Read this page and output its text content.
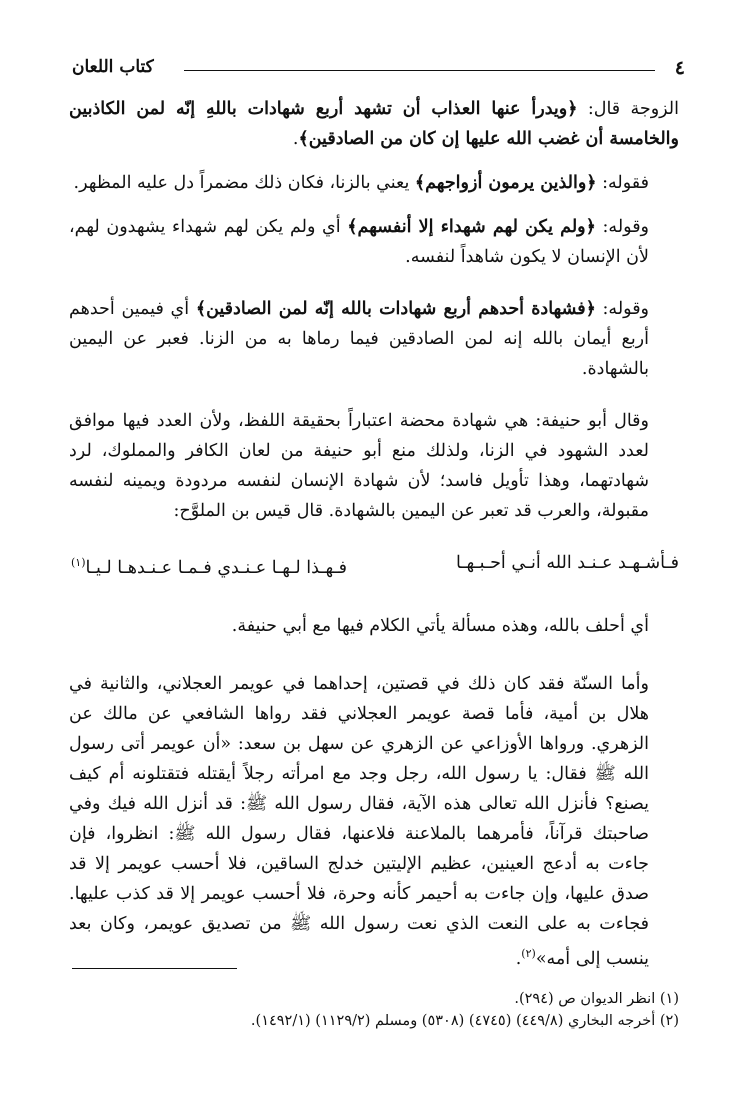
٤
كتاب اللعان

الزوجة قال: ﴿ويدرأ عنها العذاب أن تشهد أربع شهادات باللهِ إنّه لمن الكاذبين والخامسة أن غضب الله عليها إن كان من الصادقين﴾.

فقوله: ﴿والذين يرمون أزواجهم﴾ يعني بالزنا، فكان ذلك مضمراً دل عليه المظهر.

وقوله: ﴿ولم يكن لهم شهداء إلا أنفسهم﴾ أي ولم يكن لهم شهداء يشهدون لهم، لأن الإنسان لا يكون شاهداً لنفسه.

وقوله: ﴿فشهادة أحدهم أربع شهادات بالله إنّه لمن الصادقين﴾ أي فيمين أحدهم أربع أيمان بالله إنه لمن الصادقين فيما رماها به من الزنا. فعبر عن اليمين بالشهادة.

وقال أبو حنيفة: هي شهادة محضة اعتباراً بحقيقة اللفظ، ولأن العدد فيها موافق لعدد الشهود في الزنا، ولذلك منع أبو حنيفة من لعان الكافر والمملوك، لرد شهادتهما، وهذا تأويل فاسد؛ لأن شهادة الإنسان لنفسه مردودة ويمينه لنفسه مقبولة، والعرب قد تعبر عن اليمين بالشهادة. قال قيس بن الملوَّح:

فـأشـهـد عـنـد الله أنـي أحـبـهـا
فـهـذا لـهـا عـنـدي فـمـا عـنـدهـا لـيـا$^{(١)}$

أي أحلف بالله، وهذه مسألة يأتي الكلام فيها مع أبي حنيفة.

وأما السنّة فقد كان ذلك في قصتين، إحداهما في عويمر العجلاني، والثانية في هلال بن أمية، فأما قصة عويمر العجلاني فقد رواها الشافعي عن مالك عن الزهري. ورواها الأوزاعي عن الزهري عن سهل بن سعد: «أن عويمر أتى رسول الله ﷺ فقال: يا رسول الله، رجل وجد مع امرأته رجلاً أيقتله فتقتلونه أم كيف يصنع؟ فأنزل الله تعالى هذه الآية، فقال رسول الله ﷺ: قد أنزل الله فيك وفي صاحبتك قرآناً، فأمرهما بالملاعنة فلاعنها، فقال رسول الله ﷺ: انظروا، فإن جاءت به أدعج العينين، عظيم الإليتين خدلج الساقين، فلا أحسب عويمر إلا قد صدق عليها، وإن جاءت به أحيمر كأنه وحرة، فلا أحسب عويمر إلا قد كذب عليها. فجاءت به على النعت الذي نعت رسول الله ﷺ من تصديق عويمر، وكان بعد ينسب إلى أمه»$^{(٢)}$.

(١) انظر الديوان ص (٢٩٤).

(٢) أخرجه البخاري (٤٤٩/٨) (٤٧٤٥) (٥٣٠٨) ومسلم (١١٢٩/٢) (١٤٩٢/١).
